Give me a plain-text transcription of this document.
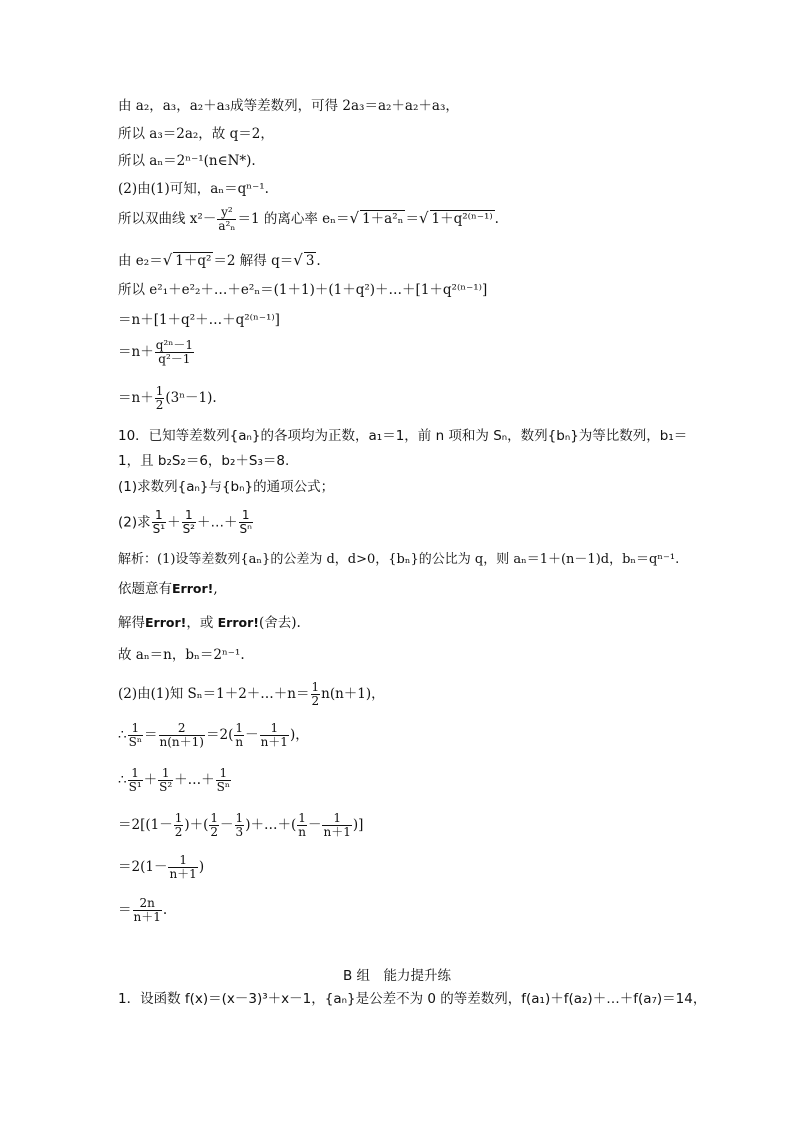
由 a₂，a₃，a₂＋a₃成等差数列，可得 2a₃＝a₂＋a₂＋a₃，
所以 a₃＝2a₂，故 q＝2，
所以 aₙ＝2ⁿ⁻¹(n∈N*).
(2)由(1)可知，aₙ＝qⁿ⁻¹.
所以双曲线 $x^2- \frac{\text{y²}}{\text{a²ₙ}} =1$ 的离心率 eₙ＝√ 1＋a²ₙ ＝√ 1＋q²⁽ⁿ⁻¹⁾ .
由 e₂＝√ 1＋q² ＝2 解得 q＝√ 3 .
所以 e²₁＋e²₂＋…＋e²ₙ＝(1＋1)＋(1＋q²)＋…＋[1＋q²⁽ⁿ⁻¹⁾]
＝n＋[1＋q²＋…＋q²⁽ⁿ⁻¹⁾]
$=n+ \frac{\text{q²ⁿ－1}}{\text{q²－1}}$
$=n+ \frac{1}{2} (3^n-1)$.
10．已知等差数列{aₙ}的各项均为正数，a₁＝1，前 n 项和为 Sₙ，数列{bₙ}为等比数列，b₁＝
1，且 b₂S₂＝6，b₂＋S₃＝8.
(1)求数列{aₙ}与{bₙ}的通项公式；
(2)求 $\frac{1}{\text{S¹}} + \frac{1}{\text{S²}}$ ＋…＋ $\frac{1}{\text{Sⁿ}}$
解析：(1)设等差数列{aₙ}的公差为 d，d>0，{bₙ}的公比为 q，则 aₙ＝1＋(n－1)d，bₙ＝qⁿ⁻¹.
依题意有Error!,
解得Error!，或 Error!(舍去).
故 aₙ＝n，bₙ＝2ⁿ⁻¹.
(2)由(1)知 Sₙ＝1＋2＋…＋n＝ $\frac{1}{2} n(n+1)$，
∴ $\frac{1}{\text{Sⁿ}} = \frac{2}{n(n+1)} =2( \frac{1}{n} - \frac{1}{n+1}$ )，
∴ $\frac{1}{\text{S¹}} + \frac{1}{\text{S²}}$ ＋…＋ $\frac{1}{\text{Sⁿ}}$
$=2[(1- \frac{1}{2}$ )＋( $\frac{1}{2} - \frac{1}{3}$ )＋…＋( $\frac{1}{n} - \frac{1}{n+1}$ )]
$=2(1- \frac{1}{n+1}$ )
＝ $\frac{2n}{n+1}$ .
B 组　能力提升练
1．设函数 f(x)＝(x－3)³＋x－1，{aₙ}是公差不为 0 的等差数列，f(a₁)＋f(a₂)＋…＋f(a₇)＝14，
